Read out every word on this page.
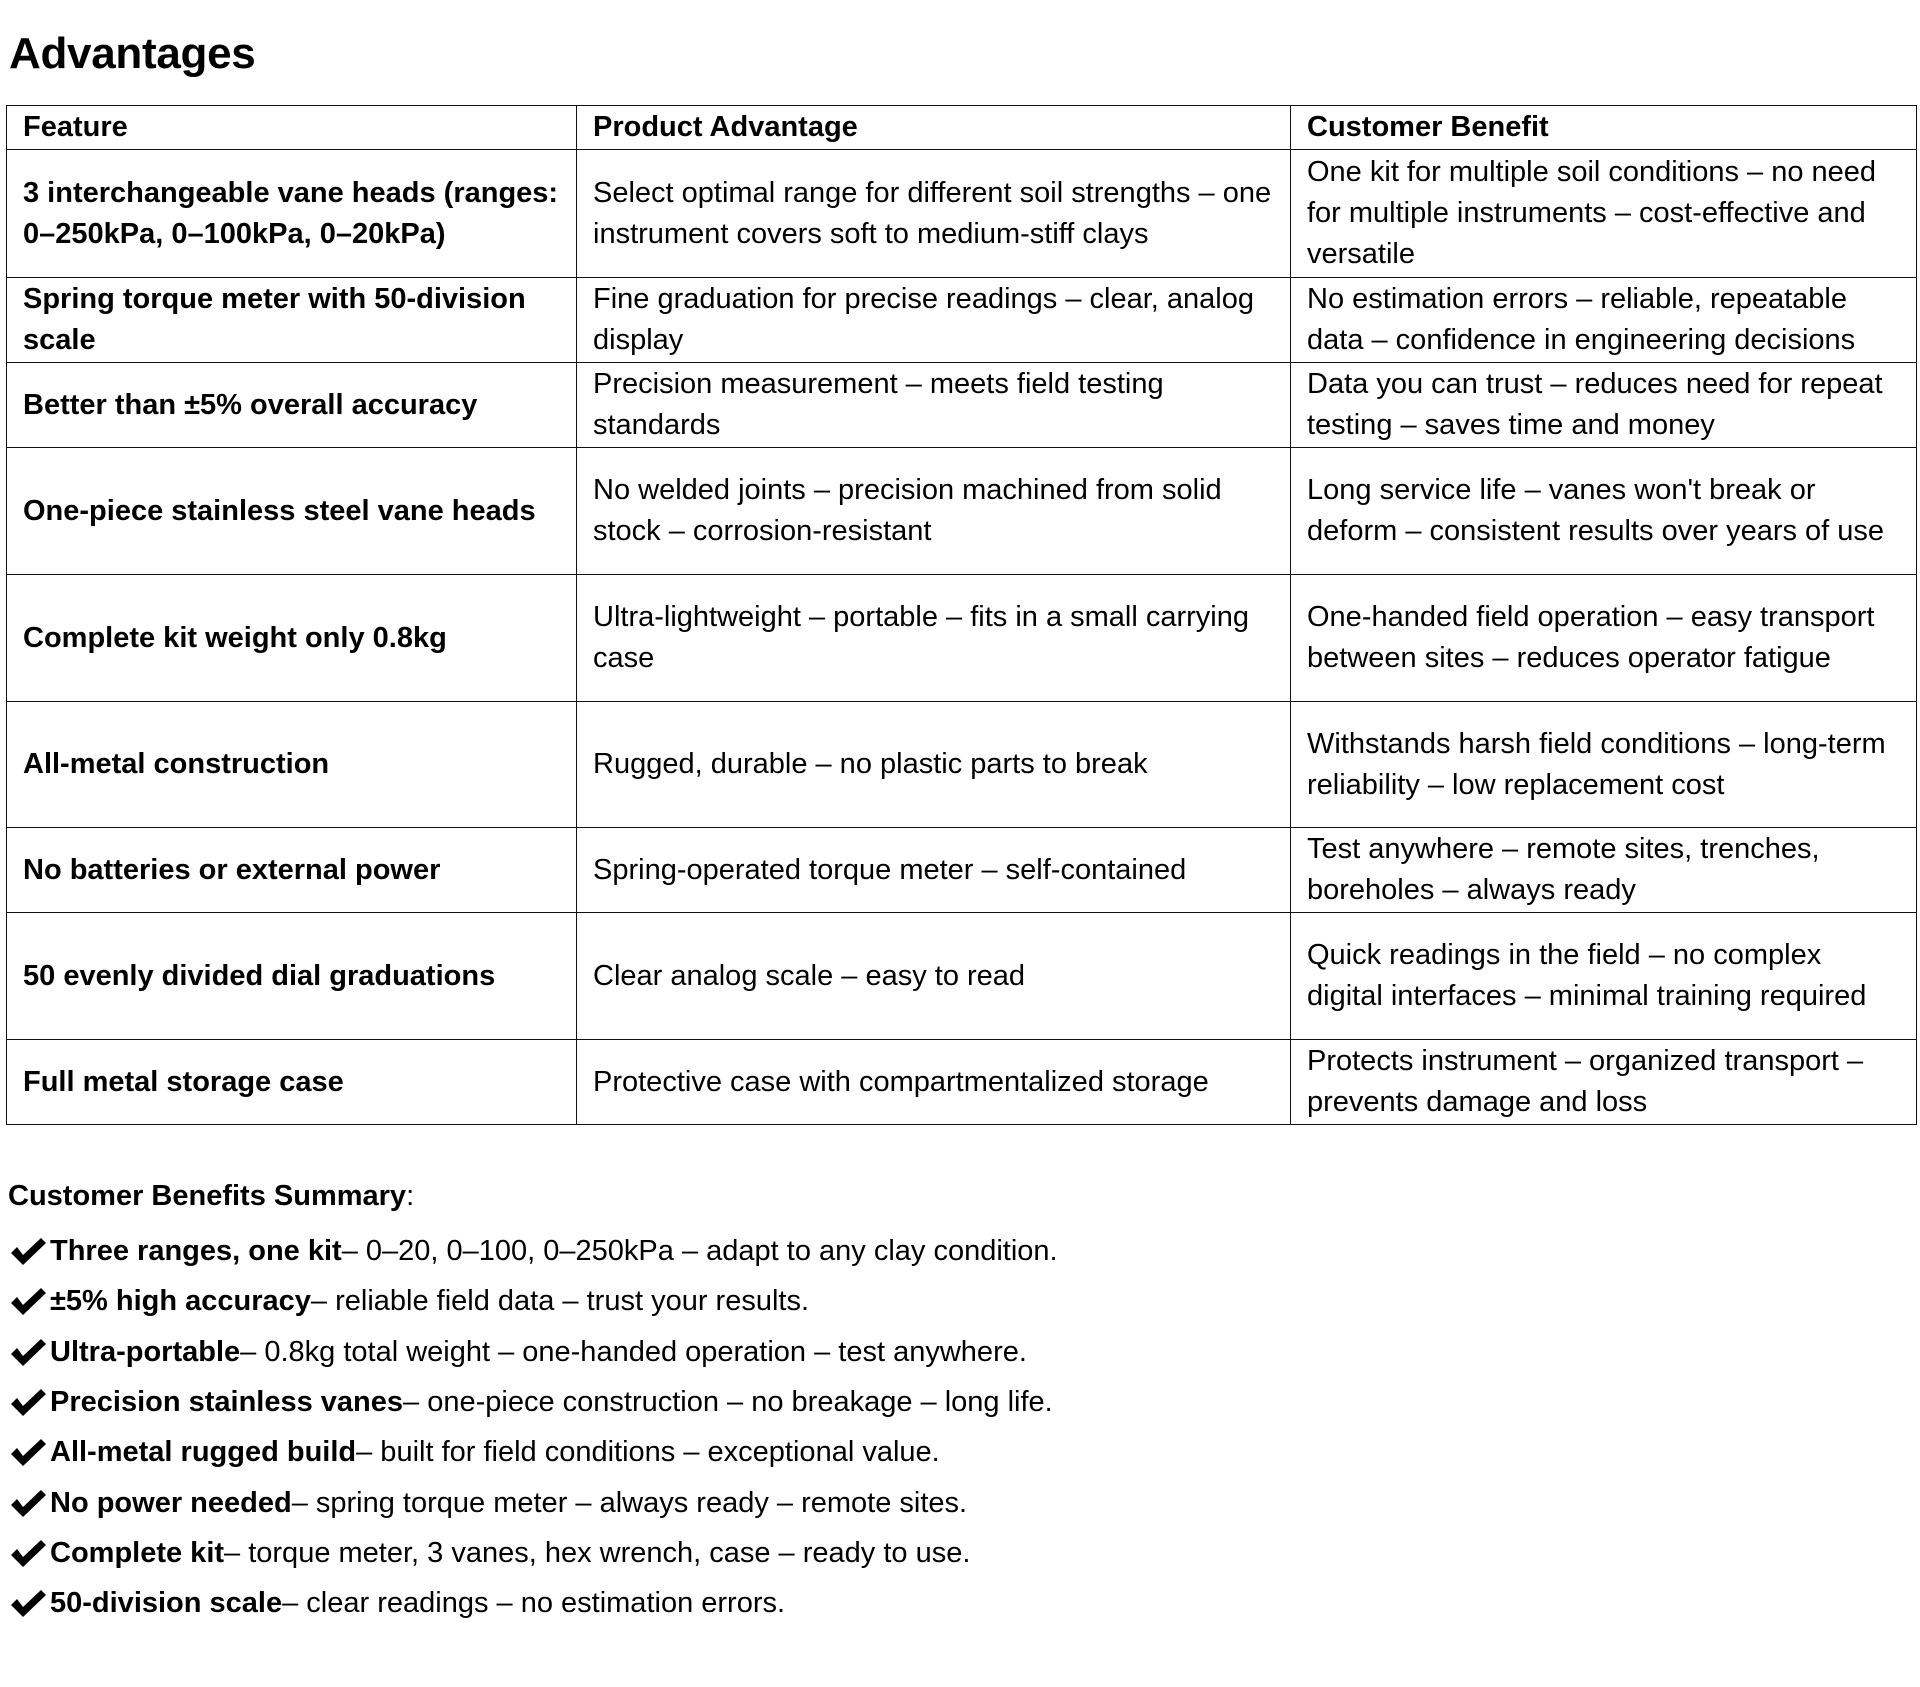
Advantages
Feature	Product Advantage	Customer Benefit
3 interchangeable vane heads (ranges: 0–250kPa, 0–100kPa, 0–20kPa)	Select optimal range for different soil strengths – one instrument covers soft to medium-stiff clays	One kit for multiple soil conditions – no need for multiple instruments – cost-effective and versatile
Spring torque meter with 50-division scale	Fine graduation for precise readings – clear, analog display	No estimation errors – reliable, repeatable data – confidence in engineering decisions
Better than ±5% overall accuracy	Precision measurement – meets field testing standards	Data you can trust – reduces need for repeat testing – saves time and money
One-piece stainless steel vane heads	No welded joints – precision machined from solid stock – corrosion-resistant	Long service life – vanes won't break or deform – consistent results over years of use
Complete kit weight only 0.8kg	Ultra-lightweight – portable – fits in a small carrying case	One-handed field operation – easy transport between sites – reduces operator fatigue
All-metal construction	Rugged, durable – no plastic parts to break	Withstands harsh field conditions – long-term reliability – low replacement cost
No batteries or external power	Spring-operated torque meter – self-contained	Test anywhere – remote sites, trenches, boreholes – always ready
50 evenly divided dial graduations	Clear analog scale – easy to read	Quick readings in the field – no complex digital interfaces – minimal training required
Full metal storage case	Protective case with compartmentalized storage	Protects instrument – organized transport – prevents damage and loss

Customer Benefits Summary:

Three ranges, one kit – 0–20, 0–100, 0–250kPa – adapt to any clay condition.
±5% high accuracy – reliable field data – trust your results.
Ultra-portable – 0.8kg total weight – one-handed operation – test anywhere.
Precision stainless vanes – one-piece construction – no breakage – long life.
All-metal rugged build – built for field conditions – exceptional value.
No power needed – spring torque meter – always ready – remote sites.
Complete kit – torque meter, 3 vanes, hex wrench, case – ready to use.
50-division scale – clear readings – no estimation errors.
